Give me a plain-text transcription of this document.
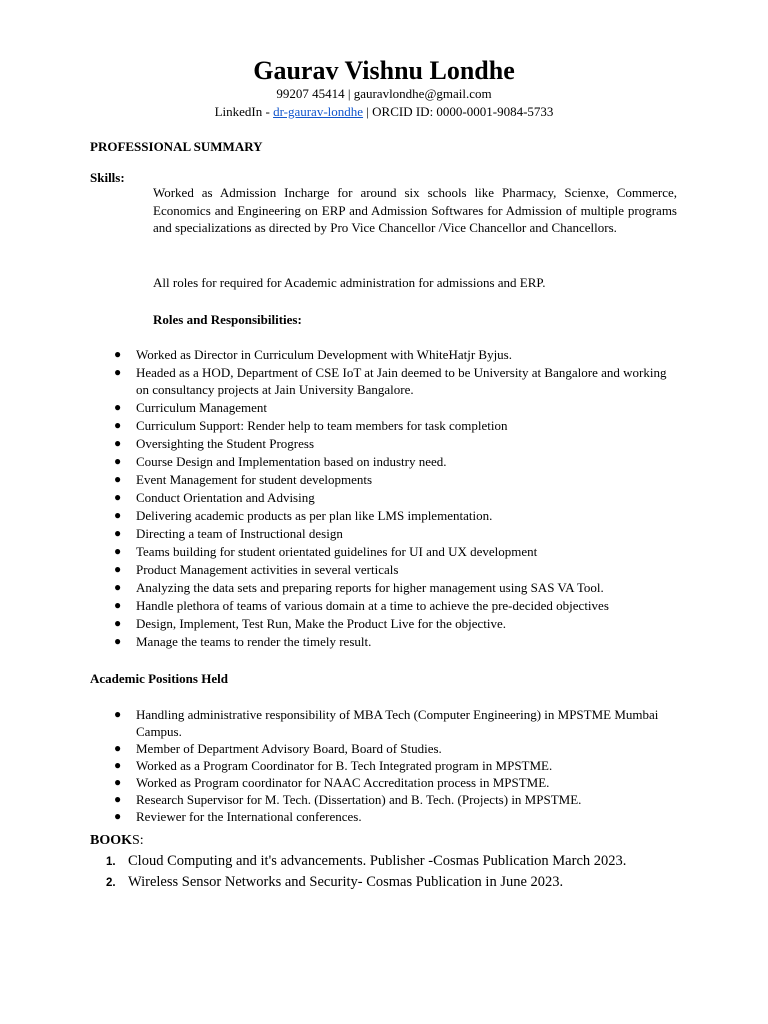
Gaurav Vishnu Londhe
99207 45414 | gauravlondhe@gmail.com
LinkedIn - dr-gaurav-londhe | ORCID ID: 0000-0001-9084-5733
PROFESSIONAL SUMMARY
Skills:
Worked as Admission Incharge for around six schools like Pharmacy, Scienxe, Commerce, Economics and Engineering on ERP and Admission Softwares for Admission of multiple programs and specializations as directed by Pro Vice Chancellor /Vice Chancellor and Chancellors.
All roles for required for Academic administration for admissions and ERP.
Roles and Responsibilities:
● Worked as Director in Curriculum Development with WhiteHatjr Byjus.
● Headed as a HOD, Department of CSE IoT at Jain deemed to be University at Bangalore and working on consultancy projects at Jain University Bangalore.
● Curriculum Management
● Curriculum Support: Render help to team members for task completion
● Oversighting the Student Progress
● Course Design and Implementation based on industry need.
● Event Management for student developments
● Conduct Orientation and Advising
● Delivering academic products as per plan like LMS implementation.
● Directing a team of Instructional design
● Teams building for student orientated guidelines for UI and UX development
● Product Management activities in several verticals
● Analyzing the data sets and preparing reports for higher management using SAS VA Tool.
● Handle plethora of teams of various domain at a time to achieve the pre-decided objectives
● Design, Implement, Test Run, Make the Product Live for the objective.
● Manage the teams to render the timely result.
Academic Positions Held
● Handling administrative responsibility of MBA Tech (Computer Engineering) in MPSTME Mumbai Campus.
● Member of Department Advisory Board, Board of Studies.
● Worked as a Program Coordinator for B. Tech Integrated program in MPSTME.
● Worked as Program coordinator for NAAC Accreditation process in MPSTME.
● Research Supervisor for M. Tech. (Dissertation) and B. Tech. (Projects) in MPSTME.
● Reviewer for the International conferences.
BOOKS:
1. Cloud Computing and it's advancements. Publisher -Cosmas Publication March 2023.
2. Wireless Sensor Networks and Security- Cosmas Publication in June 2023.
